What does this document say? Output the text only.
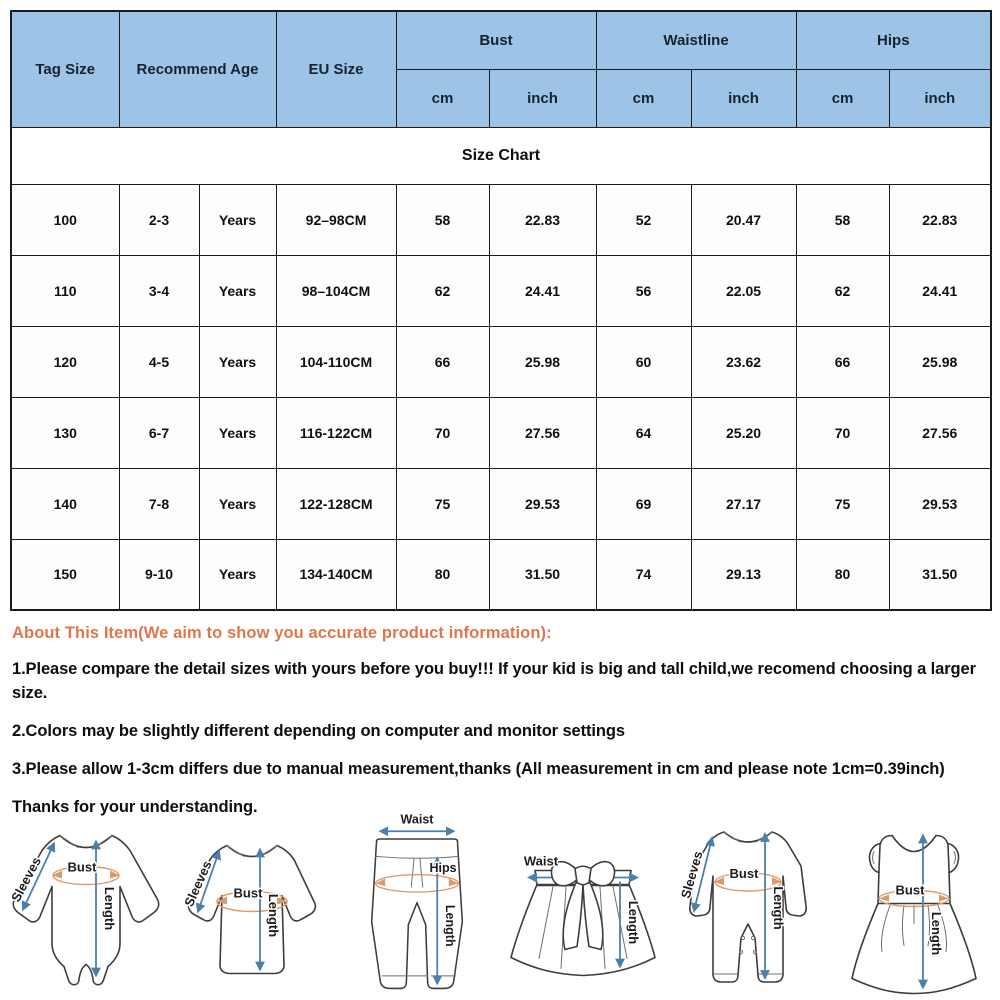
Size Chart									
Tag Size	Recommend Age		EU Size	Bust		Waistline		Hips	
				cm	inch	cm	inch	cm	inch
100	2-3	Years	92–98CM	58	22.83	52	20.47	58	22.83
110	3-4	Years	98–104CM	62	24.41	56	22.05	62	24.41
120	4-5	Years	104-110CM	66	25.98	60	23.62	66	25.98
130	6-7	Years	116-122CM	70	27.56	64	25.20	70	27.56
140	7-8	Years	122-128CM	75	29.53	69	27.17	75	29.53
150	9-10	Years	134-140CM	80	31.50	74	29.13	80	31.50
About This Item(We aim to show you accurate product information):

1.Please compare the detail sizes with yours before you buy!!! If your kid is big and tall child,we recomend choosing a larger size.

2.Colors may be slightly different depending on computer and monitor settings

3.Please allow 1-3cm differs due to manual measurement,thanks (All measurement in cm and please note 1cm=0.39inch)

Thanks for your understanding.

Sleeves Bust
Length	Sleeves Bust
Length
Waist
Hips
Length
Waist
Length
Sleeves Bust
Length	Bust
Length
